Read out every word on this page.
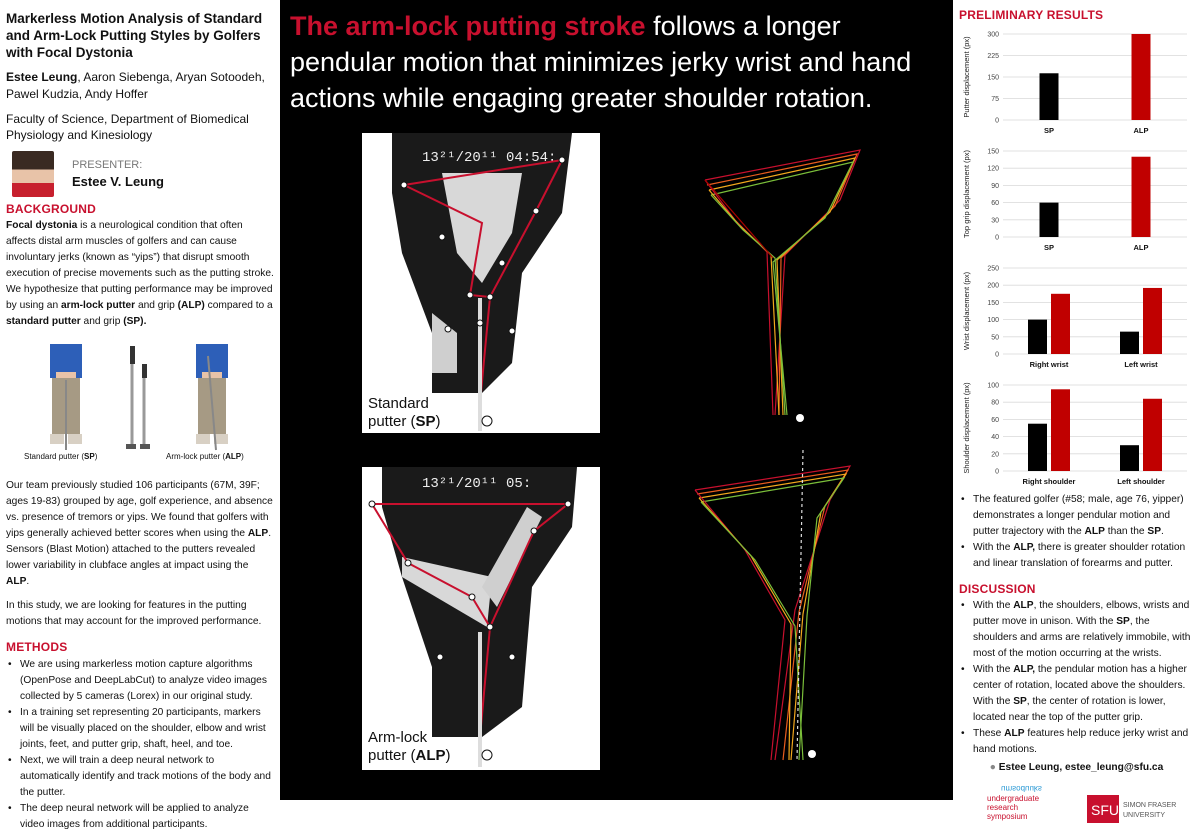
Markerless Motion Analysis of Standard and Arm-Lock Putting Styles by Golfers with Focal Dystonia
Estee Leung, Aaron Siebenga, Aryan Sotoodeh, Pawel Kudzia, Andy Hoffer
Faculty of Science, Department of Biomedical Physiology and Kinesiology
PRESENTER:
Estee V. Leung
BACKGROUND

Focal dystonia is a neurological condition that often affects distal arm muscles of golfers and can cause involuntary jerks (known as “yips”) that disrupt smooth execution of precise movements such as the putting stroke. We hypothesize that putting performance may be improved by using an arm-lock putter and grip (ALP) compared to a standard putter and grip (SP).

Standard putter (SP)	Arm-lock putter (ALP)

Our team previously studied 106 participants (67M, 39F; ages 19-83) grouped by age, golf experience, and absence vs. presence of tremors or yips. We found that golfers with yips generally achieved better scores when using the ALP. Sensors (Blast Motion) attached to the putters revealed lower variability in clubface angles at impact using the ALP.

In this study, we are looking for features in the putting motions that may account for the improved performance.

METHODS
• We are using markerless motion capture algorithms (OpenPose and DeepLabCut) to analyze video images collected by 5 cameras (Lorex) in our original study.
• In a training set representing 20 participants, markers will be visually placed on the shoulder, elbow and wrist joints, feet, and putter grip, shaft, heel, and toe.
• Next, we will train a deep neural network to automatically identify and track motions of the body and the putter.
• The deep neural network will be applied to analyze video images from additional participants.
The arm-lock putting stroke follows a longer pendular motion that minimizes jerky wrist and hand actions while engaging greater shoulder rotation.
13²¹/20¹¹ 04:54:
Standard
putter (SP)
13²¹/20¹¹ 05:
Arm-lock
putter (ALP)
PRELIMINARY RESULTS
Putter displacement (px)
0
75
150
225
300
SP	ALP
Top grip displacement (px)
0
30
60
90
120
150
SP	ALP
Wrist displacement (px)
0
50
100
150
200
250
Right wrist	Left wrist
Shoulder displacement (px)	0
20
40
60
80
100
Right shoulder	Left shoulder
• The featured golfer (#58; male, age 76, yipper) demonstrates a longer pendular motion and putter trajectory with the ALP than the SP.
• With the ALP, there is greater shoulder rotation and linear translation of forearms and putter.
DISCUSSION
• With the ALP, the shoulders, elbows, wrists and putter move in unison. With the SP, the shoulders and arms are relatively immobile, with most of the motion occurring at the wrists.
• With the ALP, the pendular motion has a higher center of rotation, located above the shoulders. With the SP, the center of rotation is lower, located near the top of the putter grip.
• These ALP features help reduce jerky wrist and hand motions.
● Estee Leung, estee_leung@sfu.ca
umsoduuks
undergraduate
research
symposium	SFU SIMON FRASER
UNIVERSITY
